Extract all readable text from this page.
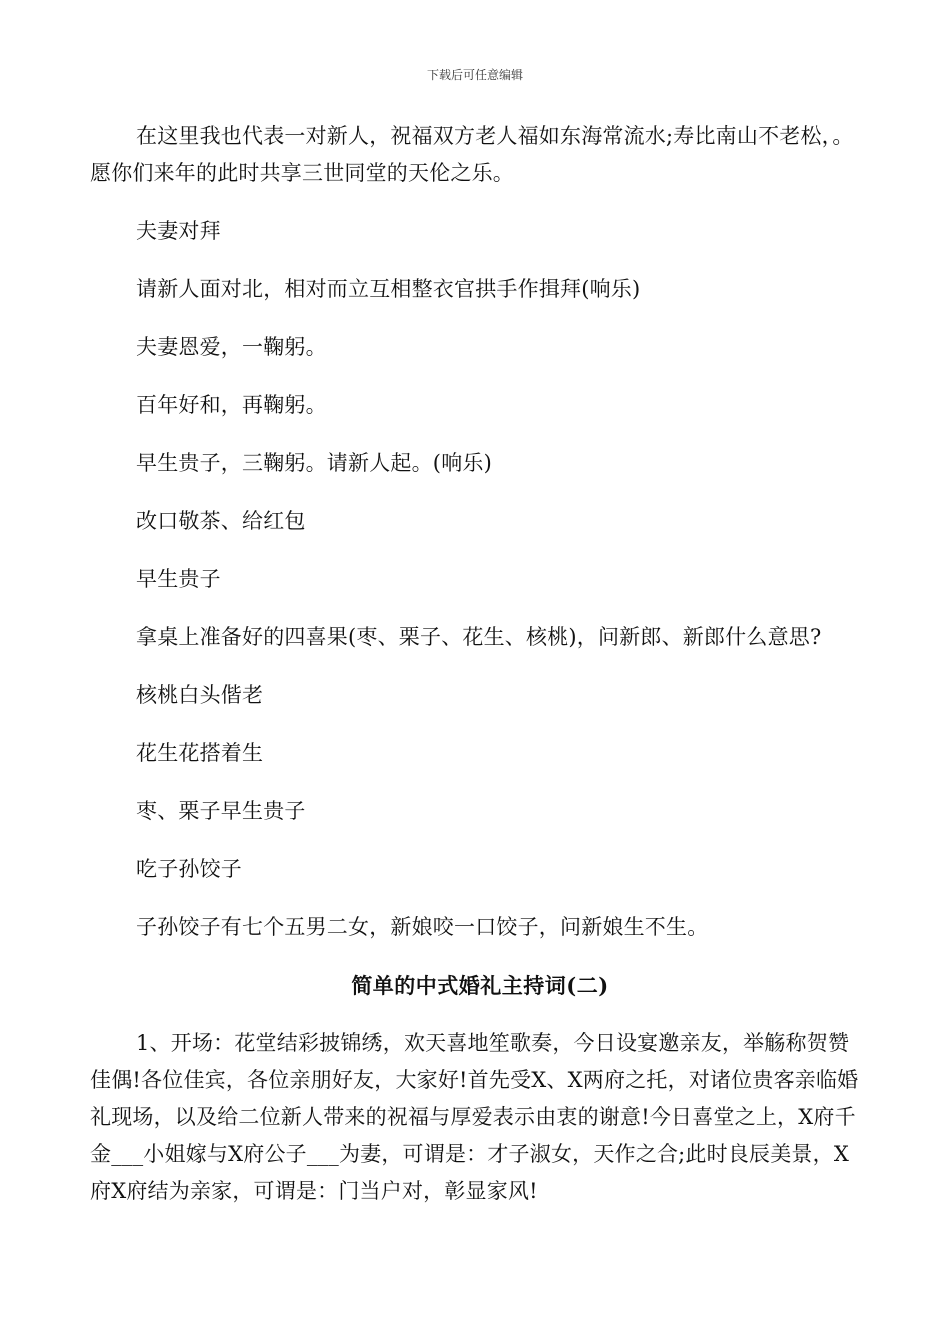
下载后可任意编辑

在这里我也代表一对新人，祝福双方老人福如东海常流水;寿比南山不老松，。愿你们来年的此时共享三世同堂的天伦之乐。

夫妻对拜

请新人面对北，相对而立互相整衣官拱手作揖拜(响乐)

夫妻恩爱，一鞠躬。

百年好和，再鞠躬。

早生贵子，三鞠躬。请新人起。(响乐)

改口敬茶、给红包

早生贵子

拿桌上准备好的四喜果(枣、栗子、花生、核桃)，问新郎、新郎什么意思?

核桃白头偕老

花生花搭着生

枣、栗子早生贵子

吃子孙饺子

子孙饺子有七个五男二女，新娘咬一口饺子，问新娘生不生。

简单的中式婚礼主持词(二)

1、开场：花堂结彩披锦绣，欢天喜地笙歌奏，今日设宴邀亲友，举觞称贺赞佳偶!各位佳宾，各位亲朋好友，大家好!首先受X、X两府之托，对诸位贵客亲临婚礼现场，以及给二位新人带来的祝福与厚爱表示由衷的谢意!今日喜堂之上，X府千金___小姐嫁与X府公子___为妻，可谓是：才子淑女，天作之合;此时良辰美景，X府X府结为亲家，可谓是：门当户对，彰显家风!
